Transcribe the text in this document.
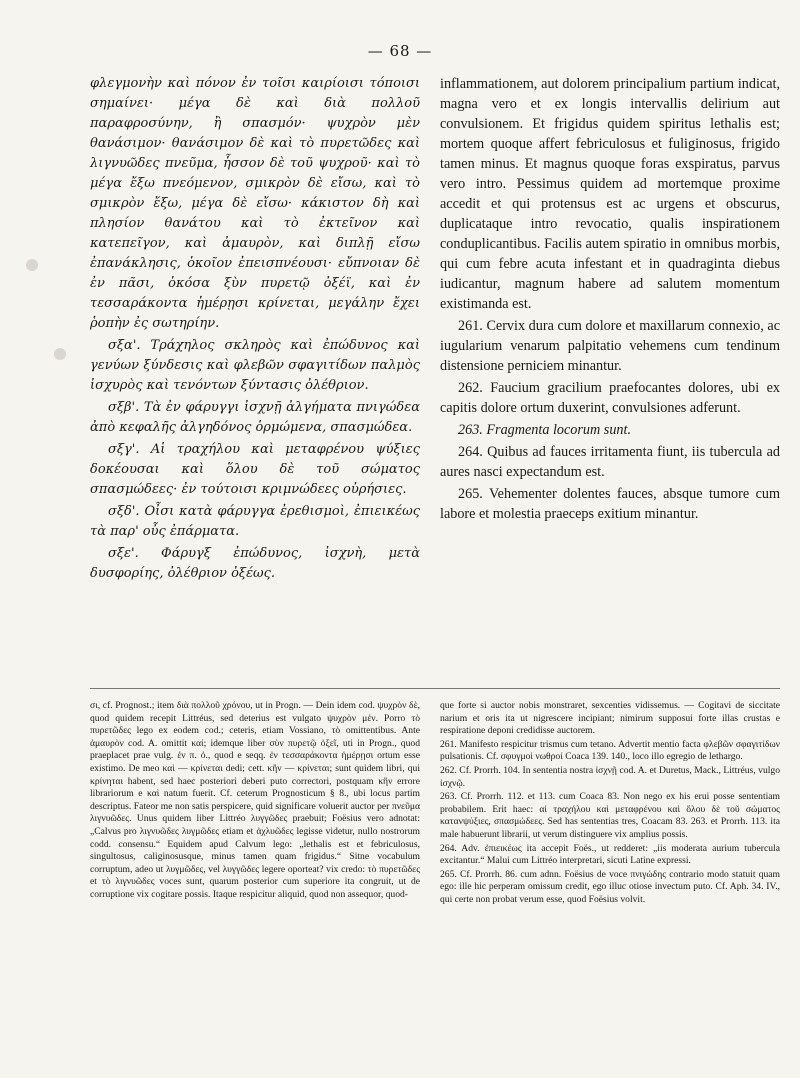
— 68 —

φλεγμονὴν καὶ πόνον ἐν τοῖσι καιρίοισι τόποισι σημαίνει· μέγα δὲ καὶ διὰ πολλοῦ παραφροσύνην, ἢ σπασμόν· ψυχρὸν μὲν θανάσιμον· θανάσιμον δὲ καὶ τὸ πυρετῶδες καὶ λιγνυῶδες πνεῦμα, ἧσσον δὲ τοῦ ψυχροῦ· καὶ τὸ μέγα ἔξω πνεόμενον, σμικρὸν δὲ εἴσω, καὶ τὸ σμικρὸν ἔξω, μέγα δὲ εἴσω· κάκιστον δὴ καὶ πλησίον θανάτου καὶ τὸ ἐκτεῖνον καὶ κατεπεῖγον, καὶ ἀμαυρὸν, καὶ διπλῇ εἴσω ἐπανάκλησις, ὁκοῖον ἐπεισπνέουσι· εὔπνοιαν δὲ ἐν πᾶσι, ὁκόσα ξὺν πυρετῷ ὀξέϊ, καὶ ἐν τεσσαράκοντα ἡμέρῃσι κρίνεται, μεγάλην ἔχει ῥοπὴν ἐς σωτηρίην.

σξα'. Τράχηλος σκληρὸς καὶ ἐπώδυνος καὶ γενύων ξύνδεσις καὶ φλεβῶν σφαγιτίδων παλμὸς ἰσχυρὸς καὶ τενόντων ξύντασις ὀλέθριον.

σξβ'. Τὰ ἐν φάρυγγι ἰσχνῇ ἀλγήματα πνιγώδεα ἀπὸ κεφαλῆς ἀλγηδόνος ὁρμώμενα, σπασμώδεα.

σξγ'. Αἱ τραχήλου καὶ μεταφρένου ψύξιες δοκέουσαι καὶ ὅλου δὲ τοῦ σώματος σπασμώδεες· ἐν τούτοισι κριμνώδεες οὐρήσιες.

σξδ'. Οἶσι κατὰ φάρυγγα ἐρεθισμοὶ, ἐπιεικέως τὰ παρ' οὖς ἐπάρματα.

σξε'. Φάρυγξ ἐπώδυνος, ἰσχνὴ, μετὰ δυσφορίης, ὀλέθριον ὀξέως.

inflammationem, aut dolorem principalium partium indicat, magna vero et ex longis intervallis delirium aut convulsionem. Et frigidus quidem spiritus lethalis est; mortem quoque affert febriculosus et fuliginosus, frigido tamen minus. Et magnus quoque foras exspiratus, parvus vero intro. Pessimus quidem ad mortemque proxime accedit et qui protensus est ac urgens et obscurus, duplicataque intro revocatio, qualis inspirationem conduplicantibus. Facilis autem spiratio in omnibus morbis, qui cum febre acuta infestant et in quadraginta diebus iudicantur, magnum habere ad salutem momentum existimanda est.

261. Cervix dura cum dolore et maxillarum connexio, ac iugularium venarum palpitatio vehemens cum tendinum distensione perniciem minantur.

262. Faucium gracilium praefocantes dolores, ubi ex capitis dolore ortum duxerint, convulsiones adferunt.

263. Fragmenta locorum sunt.

264. Quibus ad fauces irritamenta fiunt, iis tubercula ad aures nasci expectandum est.

265. Vehementer dolentes fauces, absque tumore cum labore et molestia praeceps exitium minantur.

σι, cf. Prognost.; item διὰ πολλοῦ χρόνου, ut in Progn. — Dein idem cod. ψυχρὸν δὲ, quod quidem recepit Littréus, sed deterius est vulgato ψυχρὸν μέν. Porro τὸ πυρετῶδες lego ex eodem cod.; ceteris, etiam Vossiano, τὸ omittentibus. Ante ἀμαυρὸν cod. A. omittit καί; idemque liber σὺν πυρετῷ ὀξεῖ, uti in Progn., quod praeplacet prae vulg. ἐν π. ὀ., quod e seqq. ἐν τεσσαράκοντα ἡμέρῃσι ortum esse existimo. De meo καὶ — κρίνεται dedi; cett. κἢν — κρίνεται; sunt quidem libri, qui κρίνηται habent, sed haec posteriori deberi puto correctori, postquam κἢν errore librariorum e καὶ natum fuerit. Cf. ceterum Prognosticum § 8., ubi locus partim descriptus. Fateor me non satis perspicere, quid significare voluerit auctor per πνεῦμα λιγνυῶδες. Unus quidem liber Littréo λυγγῶδες praebuit; Foësius vero adnotat: „Calvus pro λιγνυῶδες λυγμῶδες etiam et ἀχλυῶδες legisse videtur, nullo nostrorum codd. consensu.“ Equidem apud Calvum lego: „lethalis est et febriculosus, singultosus, caliginosusque, minus tamen quam frigidus.“ Sitne vocabulum corruptum, adeo ut λυγμῶδες, vel λυγγῶδες legere oporteat? vix credo: τὸ πυρετῶδες et τὸ λιγνυῶδες voces sunt, quarum posterior cum superiore ita congruit, ut de corruptione vix cogitare possis. Itaque respicitur aliquid, quod non assequor, quod-

que forte si auctor nobis monstraret, sexcenties vidissemus. — Cogitavi de siccitate narium et oris ita ut nigrescere incipiant; nimirum supposui forte illas crustas e respiratione deponi credidisse auctorem.

261. Manifesto respicitur trismus cum tetano. Advertit mentio facta φλεβῶν σφαγιτίδων pulsationis. Cf. σφυγμοὶ νωθροί Coaca 139. 140., loco illo egregio de lethargo.

262. Cf. Prorrh. 104. In sententia nostra ἰσχνῇ cod. A. et Duretus, Mack., Littréus, vulgo ἰσχνῷ.

263. Cf. Prorrh. 112. et 113. cum Coaca 83. Non nego ex his erui posse sententiam probabilem. Erit haec: αἱ τραχήλου καὶ μεταφρένου καὶ ὅλου δὲ τοῦ σώματος κατανψύξιες, σπασμώδεες. Sed has sententias tres, Coacam 83. 263. et Prorrh. 113. ita male habuerunt librarii, ut verum distinguere vix amplius possis.

264. Adv. ἐπιεικέως ita accepit Foës., ut redderet: „iis moderata aurium tubercula excitantur.“ Malui cum Littréo interpretari, sicuti Latine expressi.

265. Cf. Prorrh. 86. cum adnn. Foësius de voce πνιγώδης contrario modo statuit quam ego: ille hic perperam omissum credit, ego illuc otiose invectum puto. Cf. Aph. 34. IV., qui certe non probat verum esse, quod Foësius volvit.
